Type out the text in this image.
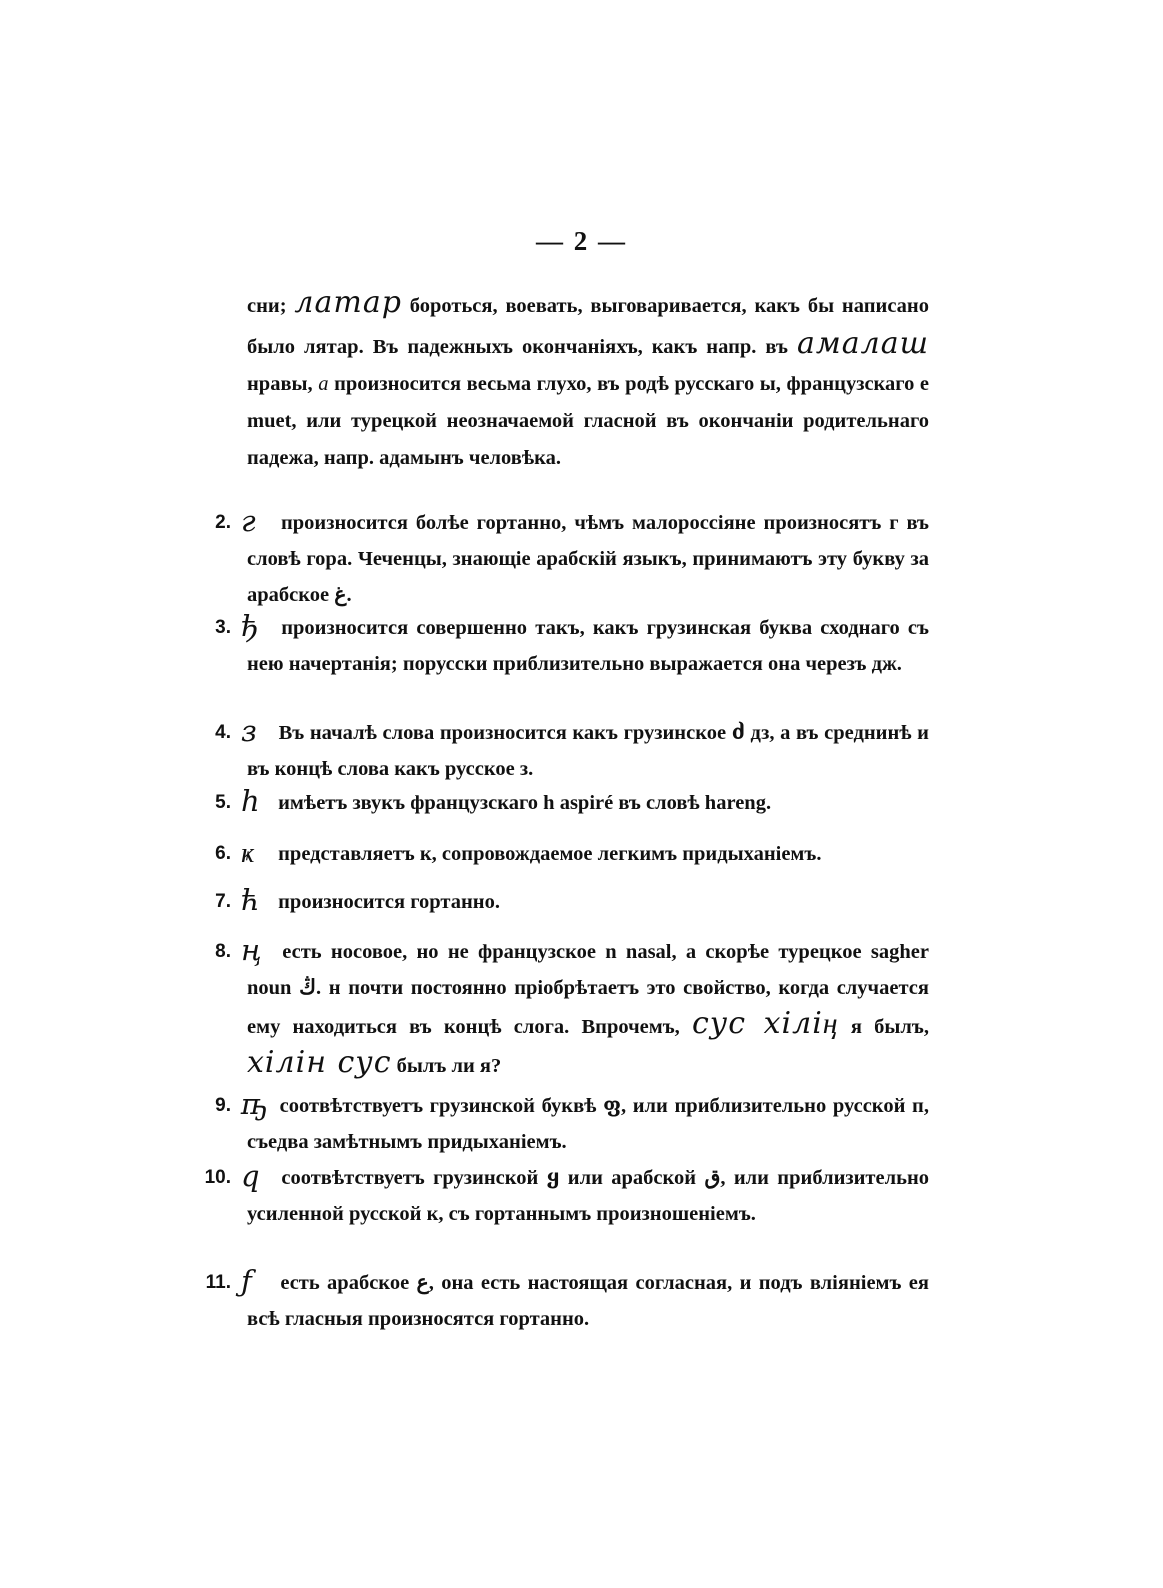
— 2 —
сни; латар бороться, воевать, выговаривается, какъ бы написано было лятар. Въ падежныхъ окончаніяхъ, какъ напр. въ амалаш нравы, а произносится весьма глухо, въ родѣ русскаго ы, французскаго e muet, или турецкой неозначаемой гласной въ окончаніи родительнаго падежа, напр. адамынъ человѣка.
2. г произносится болѣе гортанно, чѣмъ малороссіяне произносятъ г въ словѣ гора. Чеченцы, знающіе арабскій языкъ, принимаютъ эту букву за арабское غ.
3. ђ произносится совершенно такъ, какъ грузинская буква сходнаго съ нею начертанія; порусски приблизительно выражается она черезъ дж.
4. з Въ началѣ слова произносится какъ грузинское ძ дз, а въ среднинѣ и въ концѣ слова какъ русское з.
5. h имѣетъ звукъ французскаго h aspiré въ словѣ hareng.
6. ҝ представляетъ к, сопровождаемое легкимъ придыханіемъ.
7. ћ произносится гортанно.
8. ң есть носовое, но не французское n nasal, а скорѣе турецкое sagher noun ڭ. н почти постоянно пріобрѣтаетъ это свойство, когда случается ему находиться въ концѣ слога. Впрочемъ, сус хіліӊ я былъ, хілін сус былъ ли я?
9. ҧ соотвѣтствуетъ грузинской буквѣ ფ, или приблизительно русской п, съедва замѣтнымъ придыханіемъ.
10. ԛ соотвѣтствуетъ грузинской ყ или арабской ق, или приблизительно усиленной русской к, съ гортаннымъ произношеніемъ.
11. ƒ есть арабское ع, она есть настоящая согласная, и подъ вліяніемъ ея всѣ гласныя произносятся гортанно.
